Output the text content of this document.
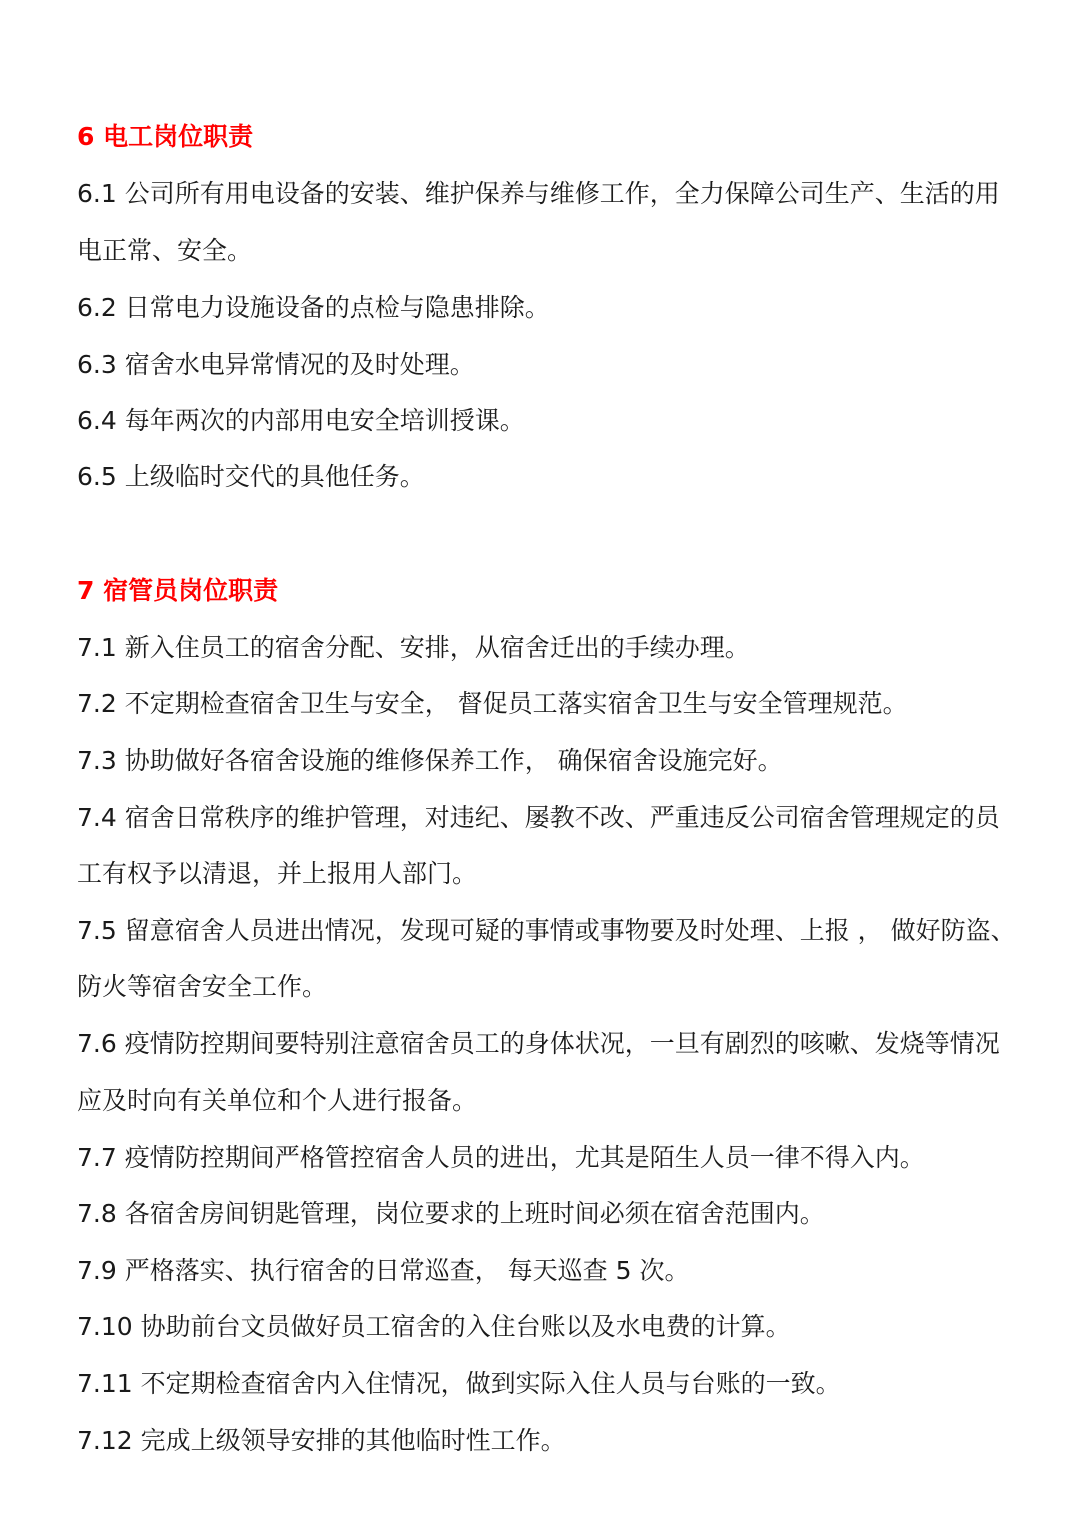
6 电工岗位职责
6.1 公司所有用电设备的安装、维护保养与维修工作，全力保障公司生产、生活的用
电正常、安全。
6.2 日常电力设施设备的点检与隐患排除。
6.3 宿舍水电异常情况的及时处理。
6.4 每年两次的内部用电安全培训授课。
6.5 上级临时交代的具他任务。
7 宿管员岗位职责
7.1 新入住员工的宿舍分配、安排，从宿舍迁出的手续办理。
7.2 不定期检查宿舍卫生与安全， 督促员工落实宿舍卫生与安全管理规范。
7.3 协助做好各宿舍设施的维修保养工作， 确保宿舍设施完好。
7.4 宿舍日常秩序的维护管理，对违纪、屡教不改、严重违反公司宿舍管理规定的员
工有权予以清退，并上报用人部门。
7.5 留意宿舍人员进出情况，发现可疑的事情或事物要及时处理、上报 ， 做好防盗、
防火等宿舍安全工作。
7.6 疫情防控期间要特别注意宿舍员工的身体状况，一旦有剧烈的咳嗽、发烧等情况
应及时向有关单位和个人进行报备。
7.7 疫情防控期间严格管控宿舍人员的进出，尤其是陌生人员一律不得入内。
7.8 各宿舍房间钥匙管理，岗位要求的上班时间必须在宿舍范围内。
7.9 严格落实、执行宿舍的日常巡查， 每天巡查 5 次。
7.10 协助前台文员做好员工宿舍的入住台账以及水电费的计算。
7.11 不定期检查宿舍内入住情况，做到实际入住人员与台账的一致。
7.12 完成上级领导安排的其他临时性工作。
